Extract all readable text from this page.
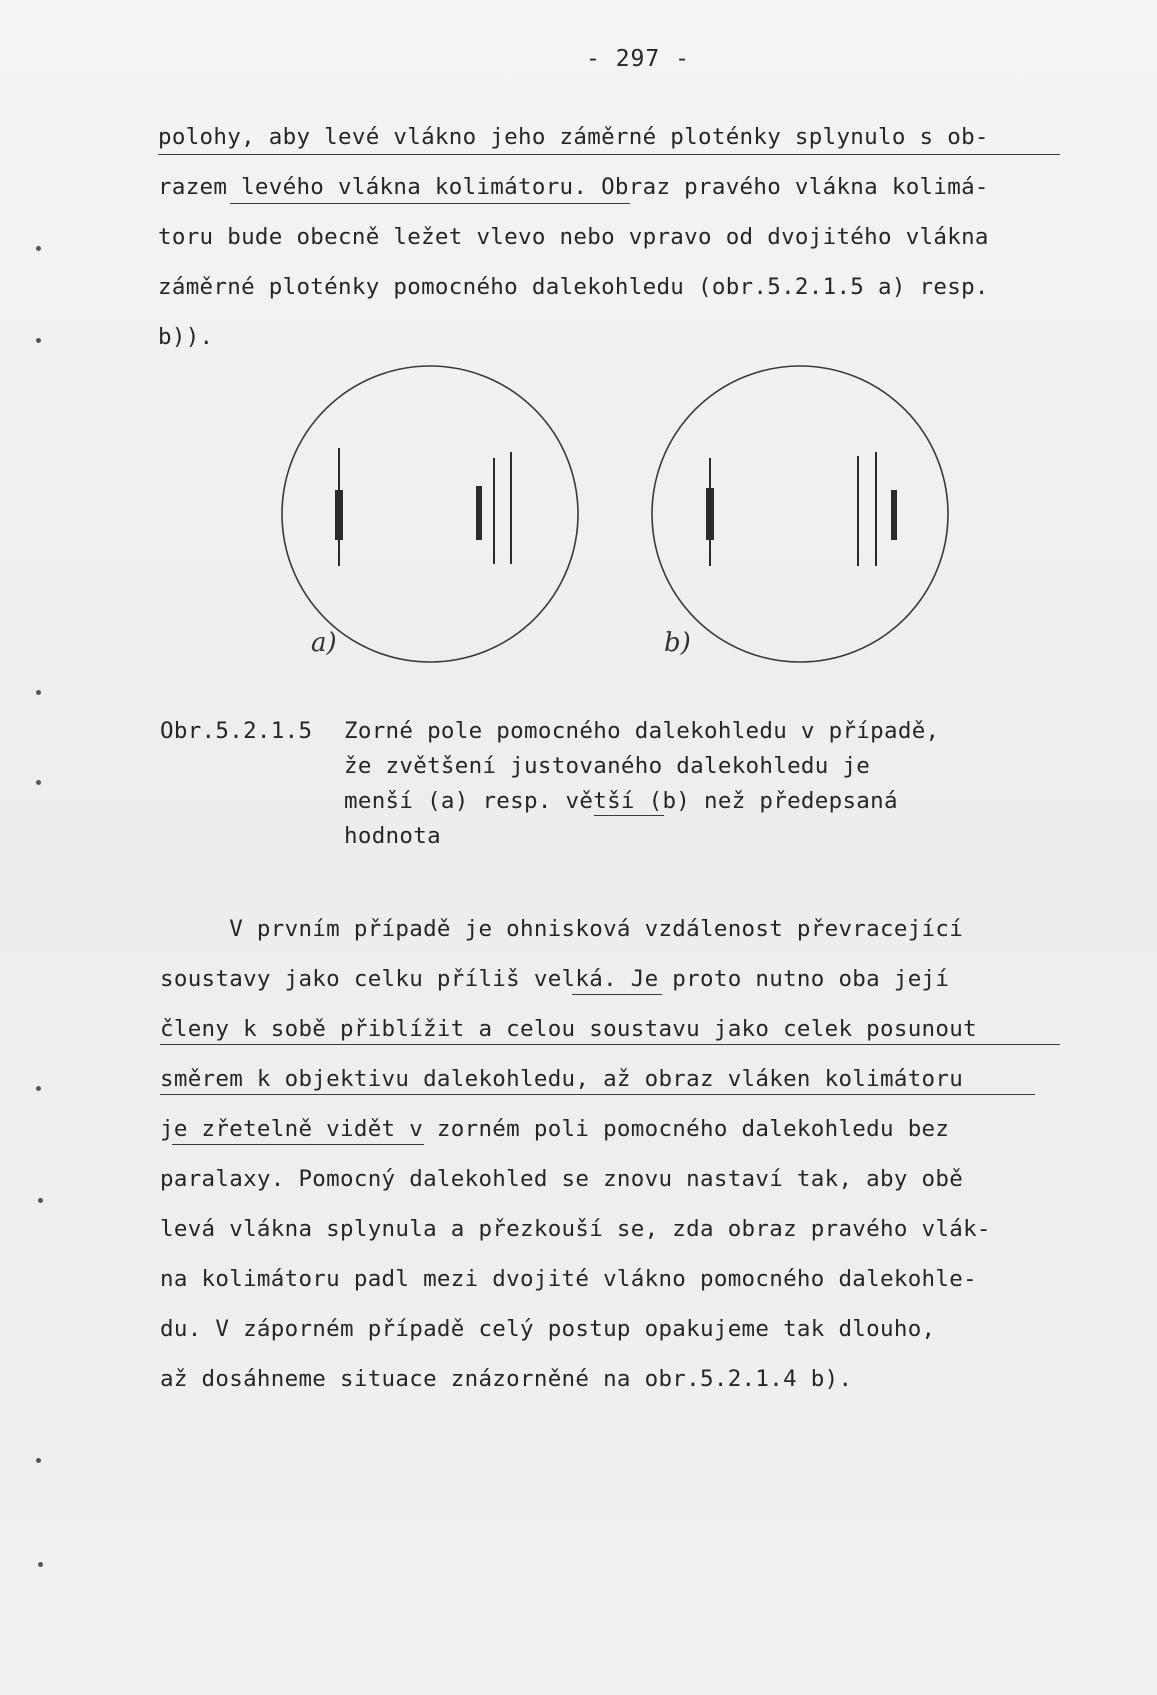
- 297 -
polohy, aby levé vlákno jeho záměrné ploténky splynulo s ob-
razem levého vlákna kolimátoru. Obraz pravého vlákna kolimá-
toru bude obecně ležet vlevo nebo vpravo od dvojitého vlákna
záměrné ploténky pomocného dalekohledu (obr.5.2.1.5 a) resp.
b)).
a)	b)
Obr.5.2.1.5 Zorné pole pomocného dalekohledu v případě,
že zvětšení justovaného dalekohledu je
menší (a) resp. větší (b) než předepsaná
hodnota
V prvním případě je ohnisková vzdálenost převracející
soustavy jako celku příliš velká. Je proto nutno oba její
členy k sobě přiblížit a celou soustavu jako celek posunout
směrem k objektivu dalekohledu, až obraz vláken kolimátoru
je zřetelně vidět v zorném poli pomocného dalekohledu bez
paralaxy. Pomocný dalekohled se znovu nastaví tak, aby obě
levá vlákna splynula a přezkouší se, zda obraz pravého vlák-
na kolimátoru padl mezi dvojité vlákno pomocného dalekohle-
du. V záporném případě celý postup opakujeme tak dlouho,
až dosáhneme situace znázorněné na obr.5.2.1.4 b).
